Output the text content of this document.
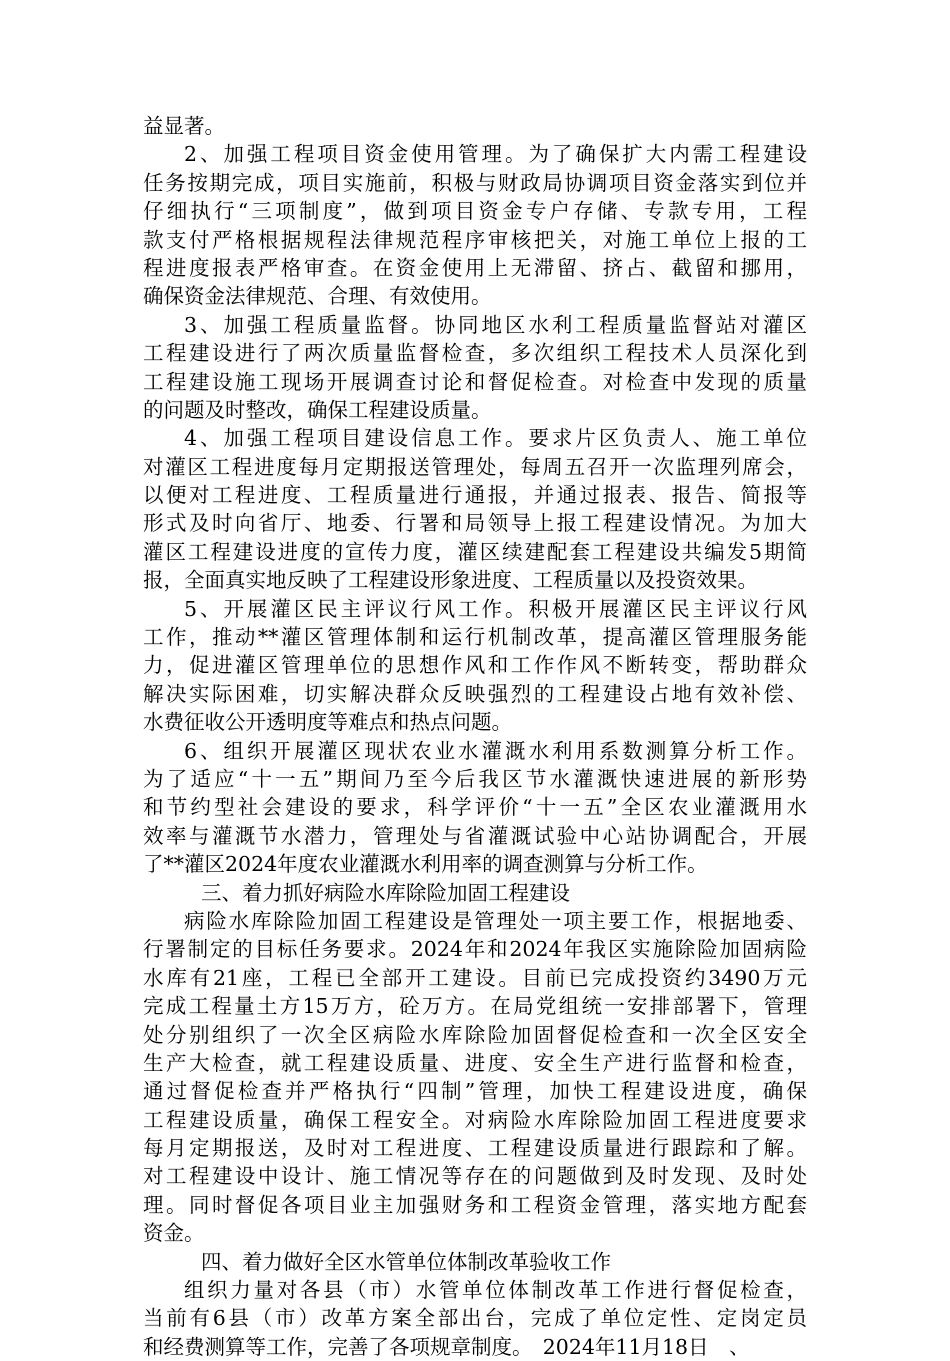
益显著。
2、加强工程项目资金使用管理。为了确保扩大内需工程建设
任务按期完成，项目实施前，积极与财政局协调项目资金落实到位并
仔细执行“三项制度”，做到项目资金专户存储、专款专用，工程
款支付严格根据规程法律规范程序审核把关，对施工单位上报的工
程进度报表严格审查。在资金使用上无滞留、挤占、截留和挪用，
确保资金法律规范、合理、有效使用。
3、加强工程质量监督。协同地区水利工程质量监督站对灌区
工程建设进行了两次质量监督检查，多次组织工程技术人员深化到
工程建设施工现场开展调查讨论和督促检查。对检查中发现的质量
的问题及时整改，确保工程建设质量。
4、加强工程项目建设信息工作。要求片区负责人、施工单位
对灌区工程进度每月定期报送管理处，每周五召开一次监理列席会，
以便对工程进度、工程质量进行通报，并通过报表、报告、简报等
形式及时向省厅、地委、行署和局领导上报工程建设情况。为加大
灌区工程建设进度的宣传力度，灌区续建配套工程建设共编发5期简
报，全面真实地反映了工程建设形象进度、工程质量以及投资效果。
5、开展灌区民主评议行风工作。积极开展灌区民主评议行风
工作，推动**灌区管理体制和运行机制改革，提高灌区管理服务能
力，促进灌区管理单位的思想作风和工作作风不断转变，帮助群众
解决实际困难，切实解决群众反映强烈的工程建设占地有效补偿、
水费征收公开透明度等难点和热点问题。
6、组织开展灌区现状农业水灌溉水利用系数测算分析工作。
为了适应“十一五”期间乃至今后我区节水灌溉快速进展的新形势
和节约型社会建设的要求，科学评价“十一五”全区农业灌溉用水
效率与灌溉节水潜力，管理处与省灌溉试验中心站协调配合，开展
了**灌区2024年度农业灌溉水利用率的调查测算与分析工作。
三、着力抓好病险水库除险加固工程建设
病险水库除险加固工程建设是管理处一项主要工作，根据地委、
行署制定的目标任务要求。2024年和2024年我区实施除险加固病险
水库有21座，工程已全部开工建设。目前已完成投资约3490万元
完成工程量土方15万方，砼万方。在局党组统一安排部署下，管理
处分别组织了一次全区病险水库除险加固督促检查和一次全区安全
生产大检查，就工程建设质量、进度、安全生产进行监督和检查，
通过督促检查并严格执行“四制”管理，加快工程建设进度，确保
工程建设质量，确保工程安全。对病险水库除险加固工程进度要求
每月定期报送，及时对工程进度、工程建设质量进行跟踪和了解。
对工程建设中设计、施工情况等存在的问题做到及时发现、及时处
理。同时督促各项目业主加强财务和工程资金管理，落实地方配套
资金。
四、着力做好全区水管单位体制改革验收工作
组织力量对各县（市）水管单位体制改革工作进行督促检查，
当前有6县（市）改革方案全部出台，完成了单位定性、定岗定员
和经费测算等工作，完善了各项规章制度。　2024年11月18日　、
